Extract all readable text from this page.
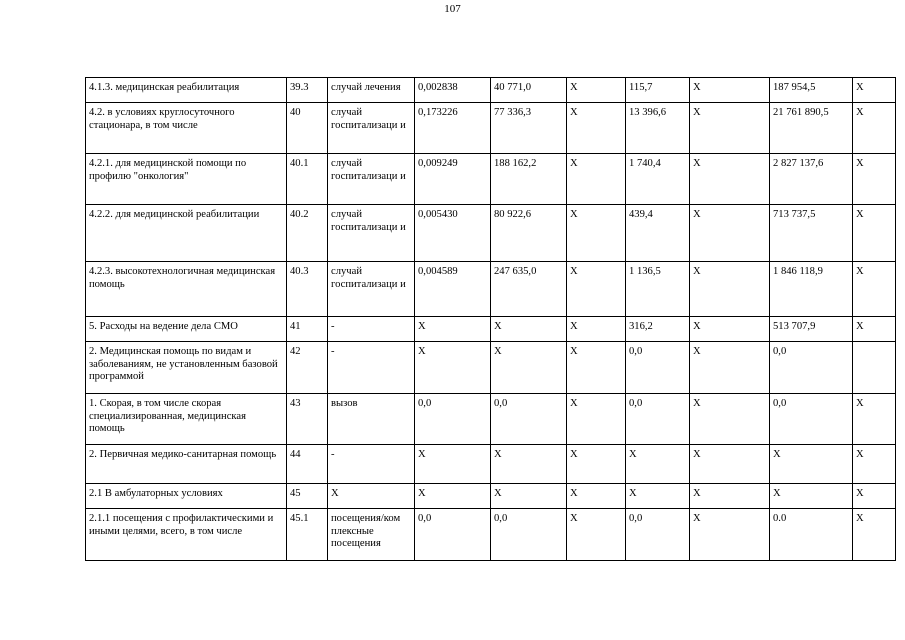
107
4.1.3. медицинская реабилитация	39.3	случай лечения	0,002838	40 771,0	X	115,7	X	187 954,5	X
4.2. в условиях круглосуточного стационара, в том числе	40	случай госпитализаци и	0,173226	77 336,3	X	13 396,6	X	21 761 890,5	X
4.2.1. для медицинской помощи по профилю "онкология"	40.1	случай госпитализаци и	0,009249	188 162,2	X	1 740,4	X	2 827 137,6	X
4.2.2. для медицинской реабилитации	40.2	случай госпитализаци и	0,005430	80 922,6	X	439,4	X	713 737,5	X
4.2.3. высокотехнологичная медицинская помощь	40.3	случай госпитализаци и	0,004589	247 635,0	X	1 136,5	X	1 846 118,9	X
5. Расходы на ведение дела СМО	41	-	X	X	X	316,2	X	513 707,9	X
2. Медицинская помощь по видам и заболеваниям, не установленным базовой программой	42	-	X	X	X	0,0	X	0,0	
1. Скорая, в том числе скорая специализированная, медицинская помощь	43	вызов	0,0	0,0	X	0,0	X	0,0	X
2. Первичная медико-санитарная помощь	44	-	X	X	X	X	X	X	X
2.1 В амбулаторных условиях	45	X	X	X	X	X	X	X	X
2.1.1 посещения с профилактическими и иными целями, всего, в том числе	45.1	посещения/ком плексные посещения	0,0	0,0	X	0,0	X	0.0	X
